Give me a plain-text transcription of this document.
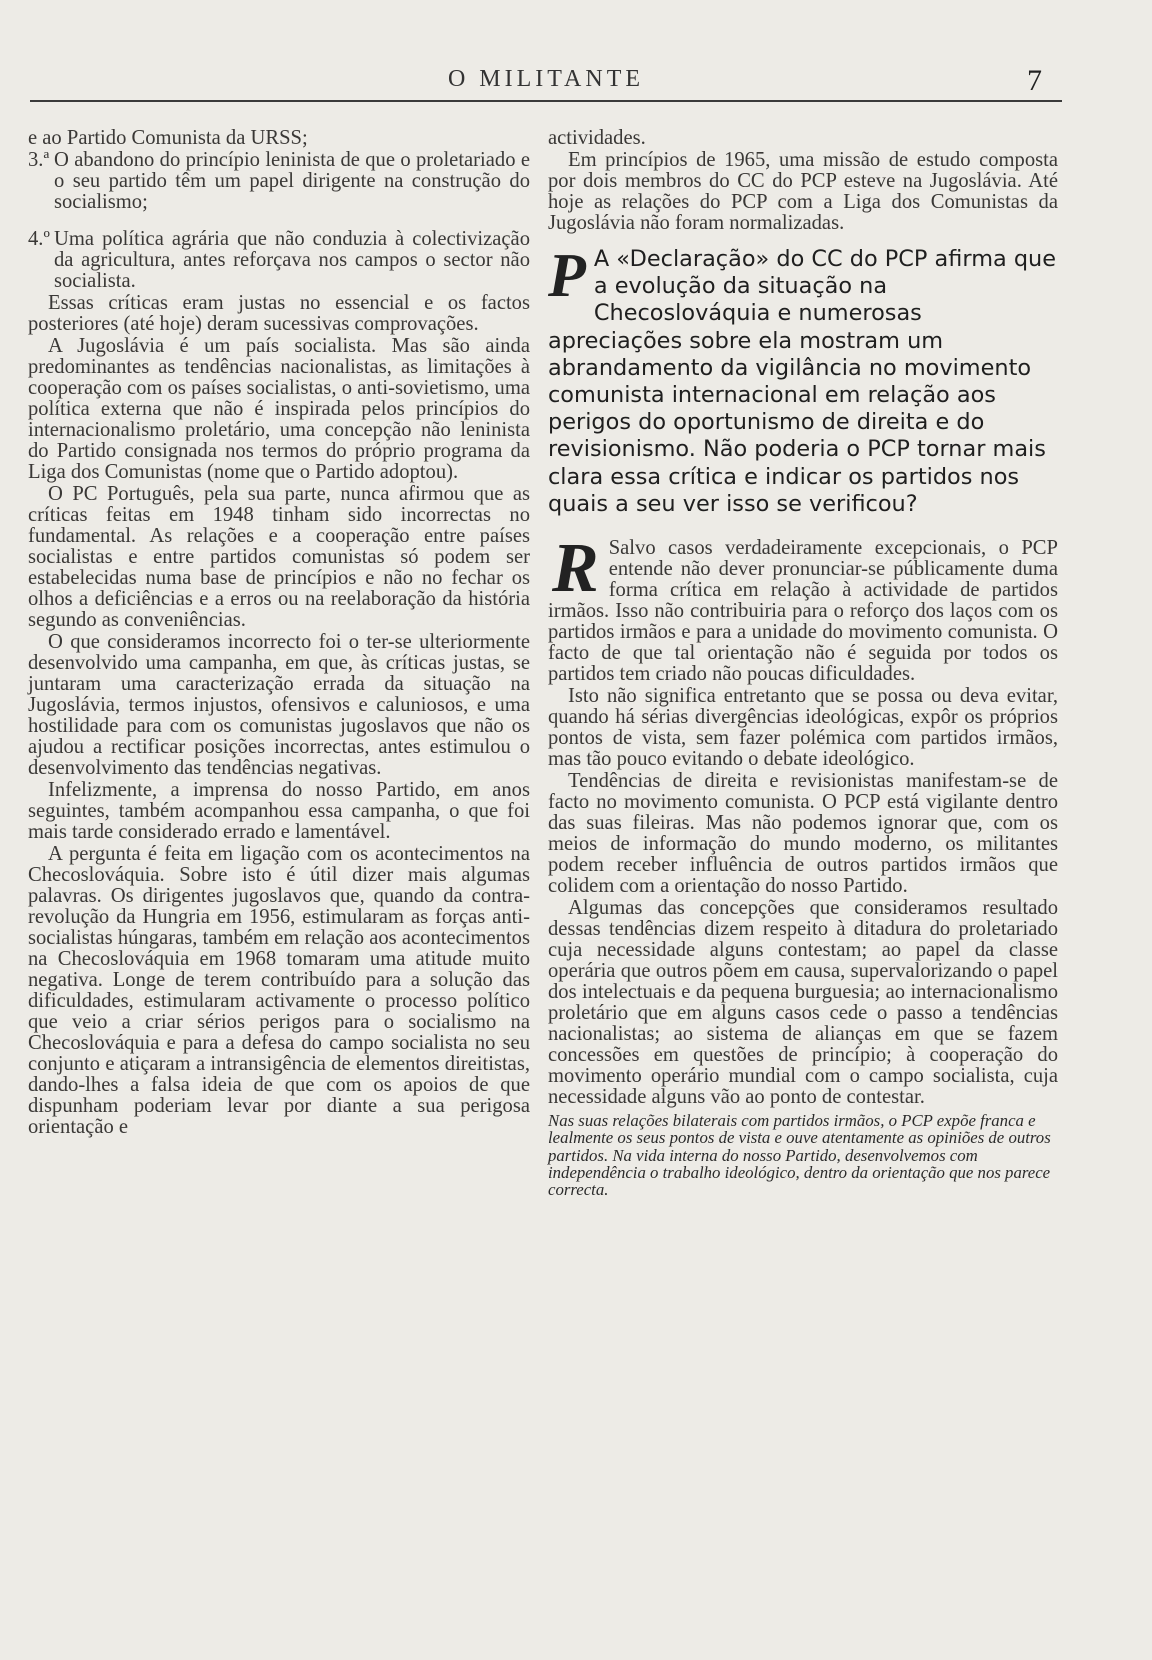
O MILITANTE	7

e ao Partido Comunista da URSS;

3.ª O abandono do princípio leninista de que o proletariado e o seu partido têm um papel dirigente na construção do socialismo;

4.º Uma política agrária que não conduzia à colectivização da agricultura, antes reforçava nos campos o sector não socialista.

Essas críticas eram justas no essencial e os factos posteriores (até hoje) deram sucessivas comprovações.

A Jugoslávia é um país socialista. Mas são ainda predominantes as tendências nacionalistas, as limitações à cooperação com os países socialistas, o anti-sovietismo, uma política externa que não é inspirada pelos princípios do internacionalismo proletário, uma concepção não leninista do Partido consignada nos termos do próprio programa da Liga dos Comunistas (nome que o Partido adoptou).

O PC Português, pela sua parte, nunca afirmou que as críticas feitas em 1948 tinham sido incorrectas no fundamental. As relações e a cooperação entre países socialistas e entre partidos comunistas só podem ser estabelecidas numa base de princípios e não no fechar os olhos a deficiências e a erros ou na reelaboração da história segundo as conveniências.

O que consideramos incorrecto foi o ter-se ulteriormente desenvolvido uma campanha, em que, às críticas justas, se juntaram uma caracterização errada da situação na Jugoslávia, termos injustos, ofensivos e caluniosos, e uma hostilidade para com os comunistas jugoslavos que não os ajudou a rectificar posições incorrectas, antes estimulou o desenvolvimento das tendências negativas.

Infelizmente, a imprensa do nosso Partido, em anos seguintes, também acompanhou essa campanha, o que foi mais tarde considerado errado e lamentável.

A pergunta é feita em ligação com os acontecimentos na Checoslováquia. Sobre isto é útil dizer mais algumas palavras. Os dirigentes jugoslavos que, quando da contra-revolução da Hungria em 1956, estimularam as forças anti-socialistas húngaras, também em relação aos acontecimentos na Checoslováquia em 1968 tomaram uma atitude muito negativa. Longe de terem contribuído para a solução das dificuldades, estimularam activamente o processo político que veio a criar sérios perigos para o socialismo na Checoslováquia e para a defesa do campo socialista no seu conjunto e atiçaram a intransigência de elementos direitistas, dando-lhes a falsa ideia de que com os apoios de que dispunham poderiam levar por diante a sua perigosa orientação e

actividades.

Em princípios de 1965, uma missão de estudo composta por dois membros do CC do PCP esteve na Jugoslávia. Até hoje as relações do PCP com a Liga dos Comunistas da Jugoslávia não foram normalizadas.

P A «Declaração» do CC do PCP afirma que a evolução da situação na Checoslováquia e numerosas apreciações sobre ela mostram um abrandamento da vigilância no movimento comunista internacional em relação aos perigos do oportunismo de direita e do revisionismo. Não poderia o PCP tornar mais clara essa crítica e indicar os partidos nos quais a seu ver isso se verificou?

R Salvo casos verdadeiramente excepcionais, o PCP entende não dever pronunciar-se públicamente duma forma crítica em relação à actividade de partidos irmãos. Isso não contribuiria para o reforço dos laços com os partidos irmãos e para a unidade do movimento comunista. O facto de que tal orientação não é seguida por todos os partidos tem criado não poucas dificuldades.

Isto não significa entretanto que se possa ou deva evitar, quando há sérias divergências ideológicas, expôr os próprios pontos de vista, sem fazer polémica com partidos irmãos, mas tão pouco evitando o debate ideológico.

Tendências de direita e revisionistas manifestam-se de facto no movimento comunista. O PCP está vigilante dentro das suas fileiras. Mas não podemos ignorar que, com os meios de informação do mundo moderno, os militantes podem receber influência de outros partidos irmãos que colidem com a orientação do nosso Partido.

Algumas das concepções que consideramos resultado dessas tendências dizem respeito à ditadura do proletariado cuja necessidade alguns contestam; ao papel da classe operária que outros põem em causa, supervalorizando o papel dos intelectuais e da pequena burguesia; ao internacionalismo proletário que em alguns casos cede o passo a tendências nacionalistas; ao sistema de alianças em que se fazem concessões em questões de princípio; à cooperação do movimento operário mundial com o campo socialista, cuja necessidade alguns vão ao ponto de contestar.

Nas suas relações bilaterais com partidos irmãos, o PCP expõe franca e lealmente os seus pontos de vista e ouve atentamente as opiniões de outros partidos. Na vida interna do nosso Partido, desenvolvemos com independência o trabalho ideológico, dentro da orientação que nos parece correcta.
